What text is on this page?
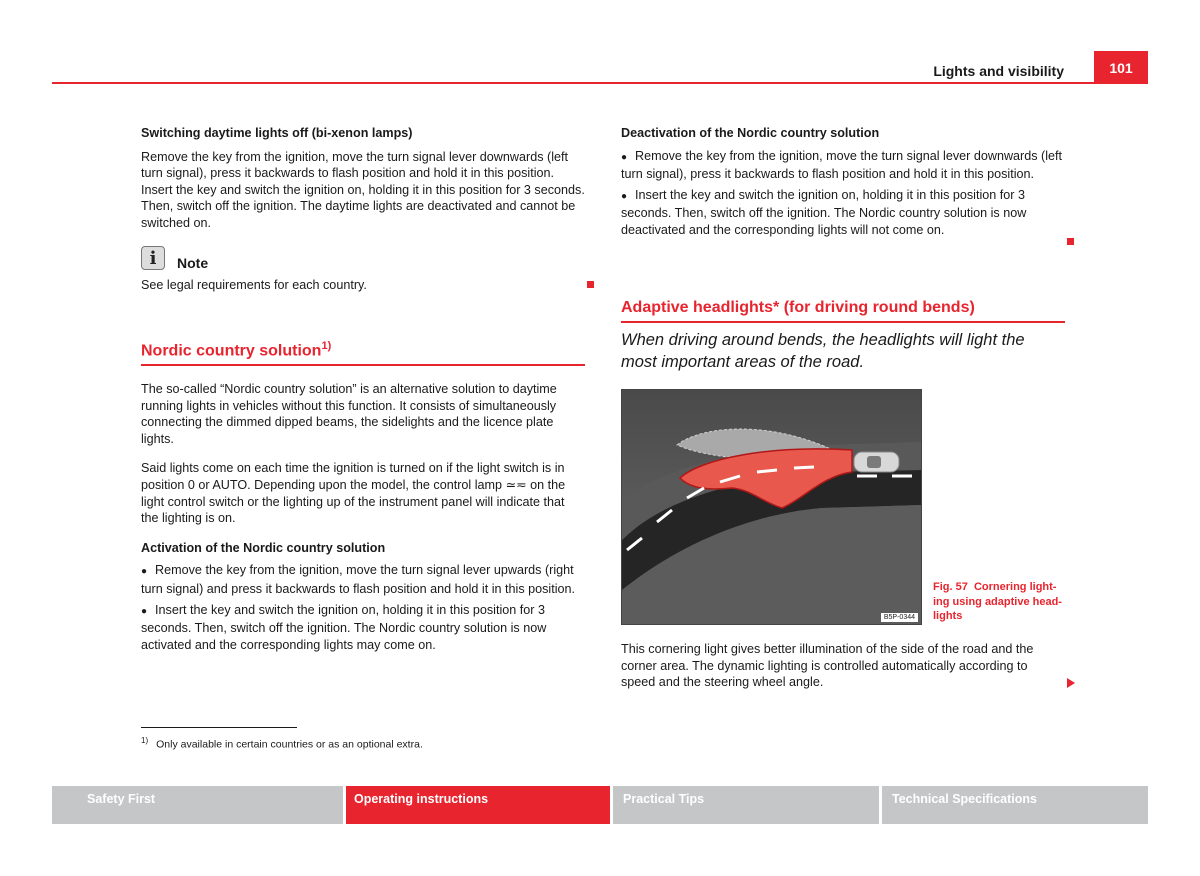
Lights and visibility	101

Switching daytime lights off (bi-xenon lamps)

Remove the key from the ignition, move the turn signal lever downwards (left turn signal), press it backwards to flash position and hold it in this position. Insert the key and switch the ignition on, holding it in this position for 3 seconds. Then, switch off the ignition. The daytime lights are deactivated and cannot be switched on.

i	Note
See legal requirements for each country.
Nordic country solution$^{1)}$

The so-called “Nordic country solution” is an alternative solution to daytime running lights in vehicles without this function. It consists of simultaneously connecting the dimmed dipped beams, the sidelights and the licence plate lights.

Said lights come on each time the ignition is turned on if the light switch is in position 0 or AUTO. Depending upon the model, the control lamp ≃≂ on the light control switch or the lighting up of the instrument panel will indicate that the lighting is on.

Activation of the Nordic country solution

● Remove the key from the ignition, move the turn signal lever upwards (right turn signal) and press it backwards to flash position and hold it in this position.

● Insert the key and switch the ignition on, holding it in this position for 3 seconds. Then, switch off the ignition. The Nordic country solution is now activated and the corresponding lights may come on.

Deactivation of the Nordic country solution

● Remove the key from the ignition, move the turn signal lever downwards (left turn signal), press it backwards to flash position and hold it in this position.

● Insert the key and switch the ignition on, holding it in this position for 3 seconds. Then, switch off the ignition. The Nordic country solution is now deactivated and the corresponding lights will not come on.

Adaptive headlights* (for driving round bends)
When driving around bends, the headlights will light the most important areas of the road.
B5P-0344
Fig. 57 Cornering lighting using adaptive headlights
This cornering light gives better illumination of the side of the road and the corner area. The dynamic lighting is controlled automatically according to speed and the steering wheel angle.
$^{1)}$ Only available in certain countries or as an optional extra.
Safety First	Operating instructions	Practical Tips	Technical Specifications
